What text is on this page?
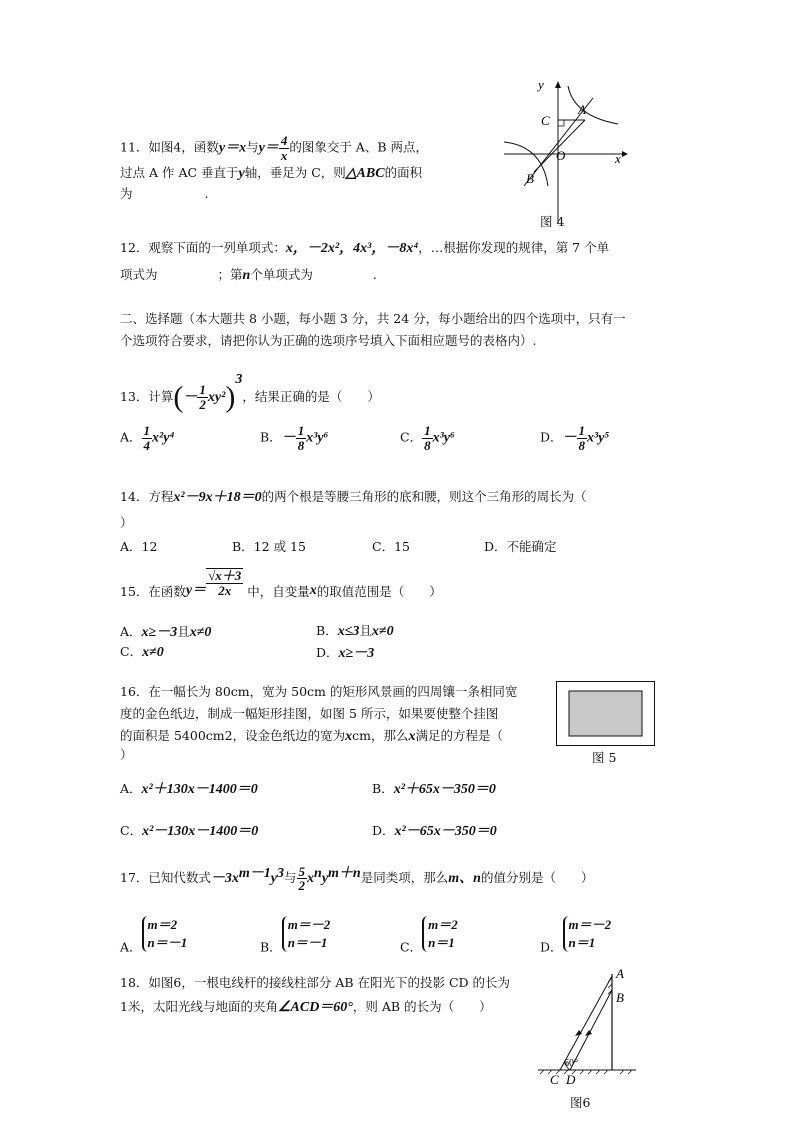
11．如图4，函数y＝x与$y= \frac{4}{x}$ 的图象交于 A、B 两点，
过点 A 作 AC 垂直于y轴，垂足为 C，则△ABC的面积
为	.
y
x
A
B
C
O
图 4
12．观察下面的一列单项式：x，－2x²，4x³，－8x⁴，…根据你发现的规律，第 7 个单
项式为	；第n个单项式为	.
二、选择题（本大题共 8 小题，每小题 3 分，共 24 分，每小题给出的四个选项中，只有一
个选项符合要求，请把你认为正确的选项序号填入下面相应题号的表格内）.
13．计算(－ $\frac{1}{2} xy^2)^3$，结果正确的是（　　）
A． $\frac{1}{4} x^2y^4$	B．－ $\frac{1}{8} x^3y^6$	C． $\frac{1}{8} x^3y^6$	D．－ $\frac{1}{8} x^3y^5$
14．方程x²－9x＋18＝0的两个根是等腰三角形的底和腰，则这个三角形的周长为（
）
A．12	B．12 或 15	C．15	D．不能确定
15．在函数$y= \frac{√x+3}{2x}$ 中，自变量x的取值范围是（　　）
A．x≥－3且x≠0	B．x≤3且x≠0
C．x≠0	D．x≥－3
16．在一幅长为 80cm，宽为 50cm 的矩形风景画的四周镶一条相同宽
度的金色纸边，制成一幅矩形挂图，如图 5 所示，如果要使整个挂图
的面积是 5400cm2，设金色纸边的宽为xcm，那么x满足的方程是（
）	图 5
A．x²＋130x－1400＝0	B．x²＋65x－350＝0
C．x²－130x－1400＝0	D．x²－65x－350＝0
17．已知代数式$-3x^{m-1}y^3$与 $\frac{5}{2} x^ny^{m+n}$是同类项，那么m、n的值分别是（　　）
A．m＝2
n＝－1	B．m＝－2
n＝－1	C．m＝2
n＝1	D．m＝－2
n＝1
18．如图6，一根电线杆的接线柱部分 AB 在阳光下的投影 CD 的长为
1米，太阳光线与地面的夹角∠ACD＝60°，则 AB 的长为（　　）
60°
A
B
C D
图6
